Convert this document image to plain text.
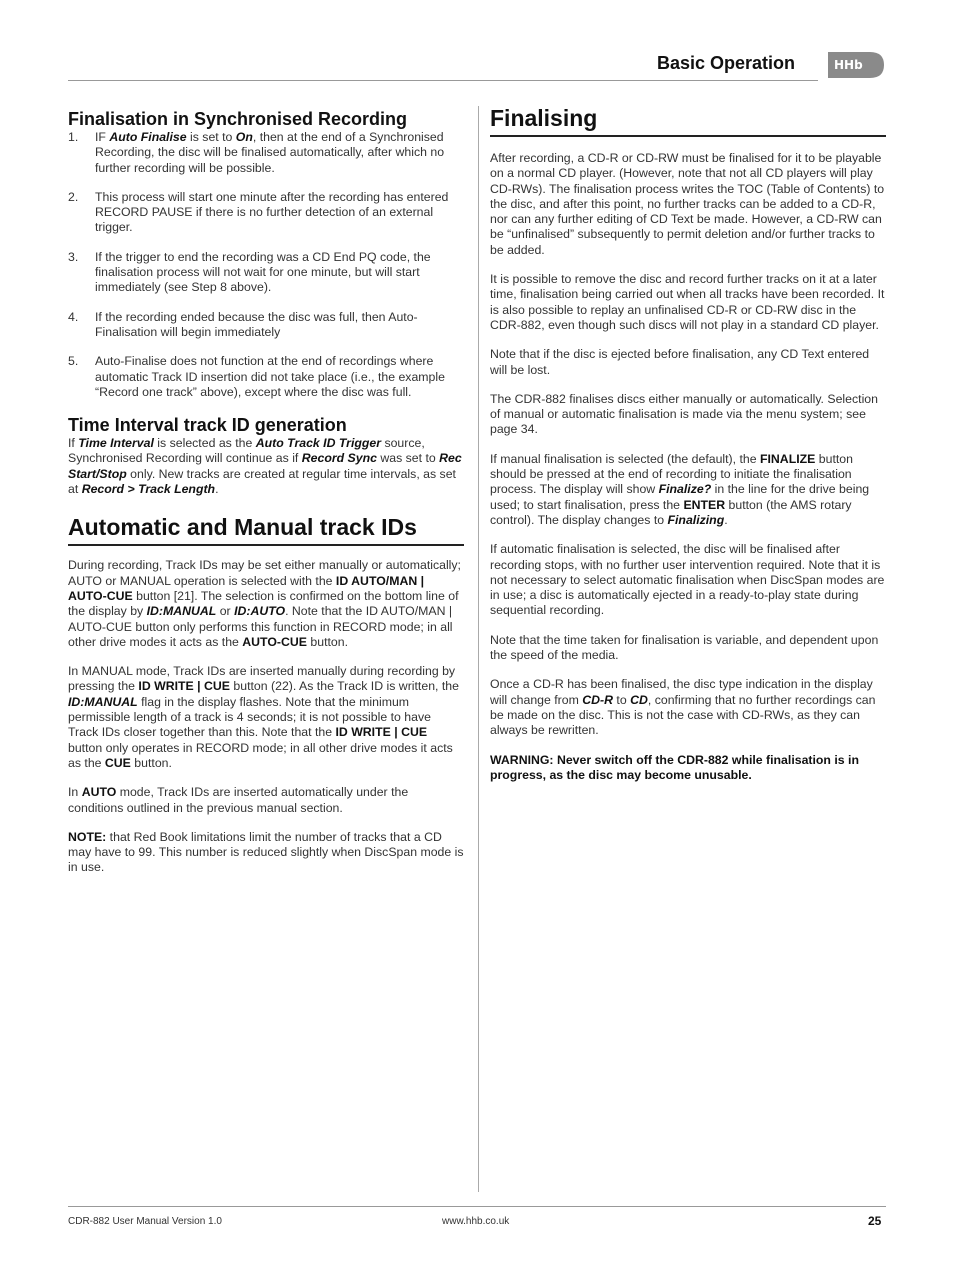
Basic Operation	HHb
Finalisation in Synchronised Recording
1. IF Auto Finalise is set to On, then at the end of a Synchronised Recording, the disc will be finalised automatically, after which no further recording will be possible.
2. This process will start one minute after the recording has entered RECORD PAUSE if there is no further detection of an external trigger.
3. If the trigger to end the recording was a CD End PQ code, the finalisation process will not wait for one minute, but will start immediately (see Step 8 above).
4. If the recording ended because the disc was full, then Auto-Finalisation will begin immediately
5. Auto-Finalise does not function at the end of recordings where automatic Track ID insertion did not take place (i.e., the example “Record one track” above), except where the disc was full.
Time Interval track ID generation

If Time Interval is selected as the Auto Track ID Trigger source, Synchronised Recording will continue as if Record Sync was set to Rec Start/Stop only. New tracks are created at regular time intervals, as set at Record > Track Length.

Automatic and Manual track IDs

During recording, Track IDs may be set either manually or automatically; AUTO or MANUAL operation is selected with the ID AUTO/MAN | AUTO-CUE button [21]. The selection is confirmed on the bottom line of the display by ID:MANUAL or ID:AUTO. Note that the ID AUTO/MAN | AUTO-CUE button only performs this function in RECORD mode; in all other drive modes it acts as the AUTO-CUE button.

In MANUAL mode, Track IDs are inserted manually during recording by pressing the ID WRITE | CUE button (22). As the Track ID is written, the ID:MANUAL flag in the display flashes. Note that the minimum permissible length of a track is 4 seconds; it is not possible to have Track IDs closer together than this. Note that the ID WRITE | CUE button only operates in RECORD mode; in all other drive modes it acts as the CUE button.

In AUTO mode, Track IDs are inserted automatically under the conditions outlined in the previous manual section.

NOTE: that Red Book limitations limit the number of tracks that a CD may have to 99. This number is reduced slightly when DiscSpan mode is in use.

Finalising

After recording, a CD-R or CD-RW must be finalised for it to be playable on a normal CD player. (However, note that not all CD players will play CD-RWs). The finalisation process writes the TOC (Table of Contents) to the disc, and after this point, no further tracks can be added to a CD-R, nor can any further editing of CD Text be made. However, a CD-RW can be “unfinalised” subsequently to permit deletion and/or further tracks to be added.

It is possible to remove the disc and record further tracks on it at a later time, finalisation being carried out when all tracks have been recorded. It is also possible to replay an unfinalised CD-R or CD-RW disc in the CDR-882, even though such discs will not play in a standard CD player.

Note that if the disc is ejected before finalisation, any CD Text entered will be lost.

The CDR-882 finalises discs either manually or automatically. Selection of manual or automatic finalisation is made via the menu system; see page 34.

If manual finalisation is selected (the default), the FINALIZE button should be pressed at the end of recording to initiate the finalisation process. The display will show Finalize? in the line for the drive being used; to start finalisation, press the ENTER button (the AMS rotary control). The display changes to Finalizing.

If automatic finalisation is selected, the disc will be finalised after recording stops, with no further user intervention required. Note that it is not necessary to select automatic finalisation when DiscSpan modes are in use; a disc is automatically ejected in a ready-to-play state during sequential recording.

Note that the time taken for finalisation is variable, and dependent upon the speed of the media.

Once a CD-R has been finalised, the disc type indication in the display will change from CD-R to CD, confirming that no further recordings can be made on the disc. This is not the case with CD-RWs, as they can always be rewritten.

WARNING: Never switch off the CDR-882 while finalisation is in progress, as the disc may become unusable.

CDR-882 User Manual Version 1.0	www.hhb.co.uk	25
